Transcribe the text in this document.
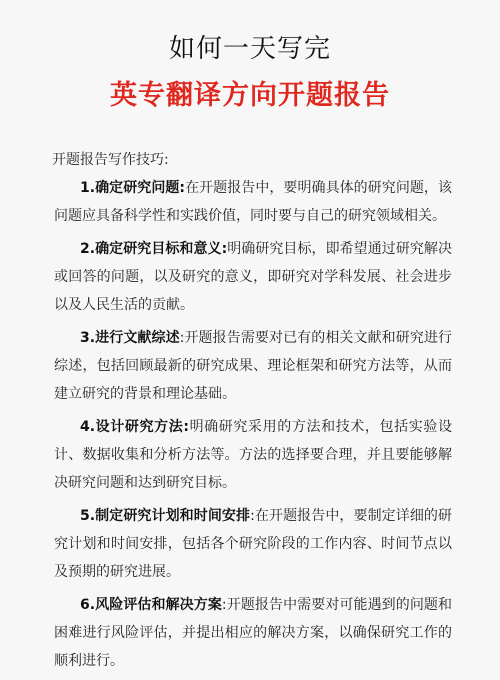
如何一天写完
英专翻译方向开题报告
开题报告写作技巧:

1.确定研究问题:在开题报告中，要明确具体的研究问题，该问题应具备科学性和实践价值，同时要与自己的研究领域相关。

2.确定研究目标和意义:明确研究目标，即希望通过研究解决或回答的问题，以及研究的意义，即研究对学科发展、社会进步以及人民生活的贡献。

3.进行文献综述:开题报告需要对已有的相关文献和研究进行综述，包括回顾最新的研究成果、理论框架和研究方法等，从而建立研究的背景和理论基础。

4.设计研究方法:明确研究采用的方法和技术，包括实验设计、数据收集和分析方法等。方法的选择要合理，并且要能够解决研究问题和达到研究目标。

5.制定研究计划和时间安排:在开题报告中，要制定详细的研究计划和时间安排，包括各个研究阶段的工作内容、时间节点以及预期的研究进展。

6.风险评估和解决方案:开题报告中需要对可能遇到的问题和困难进行风险评估，并提出相应的解决方案，以确保研究工作的顺利进行。
